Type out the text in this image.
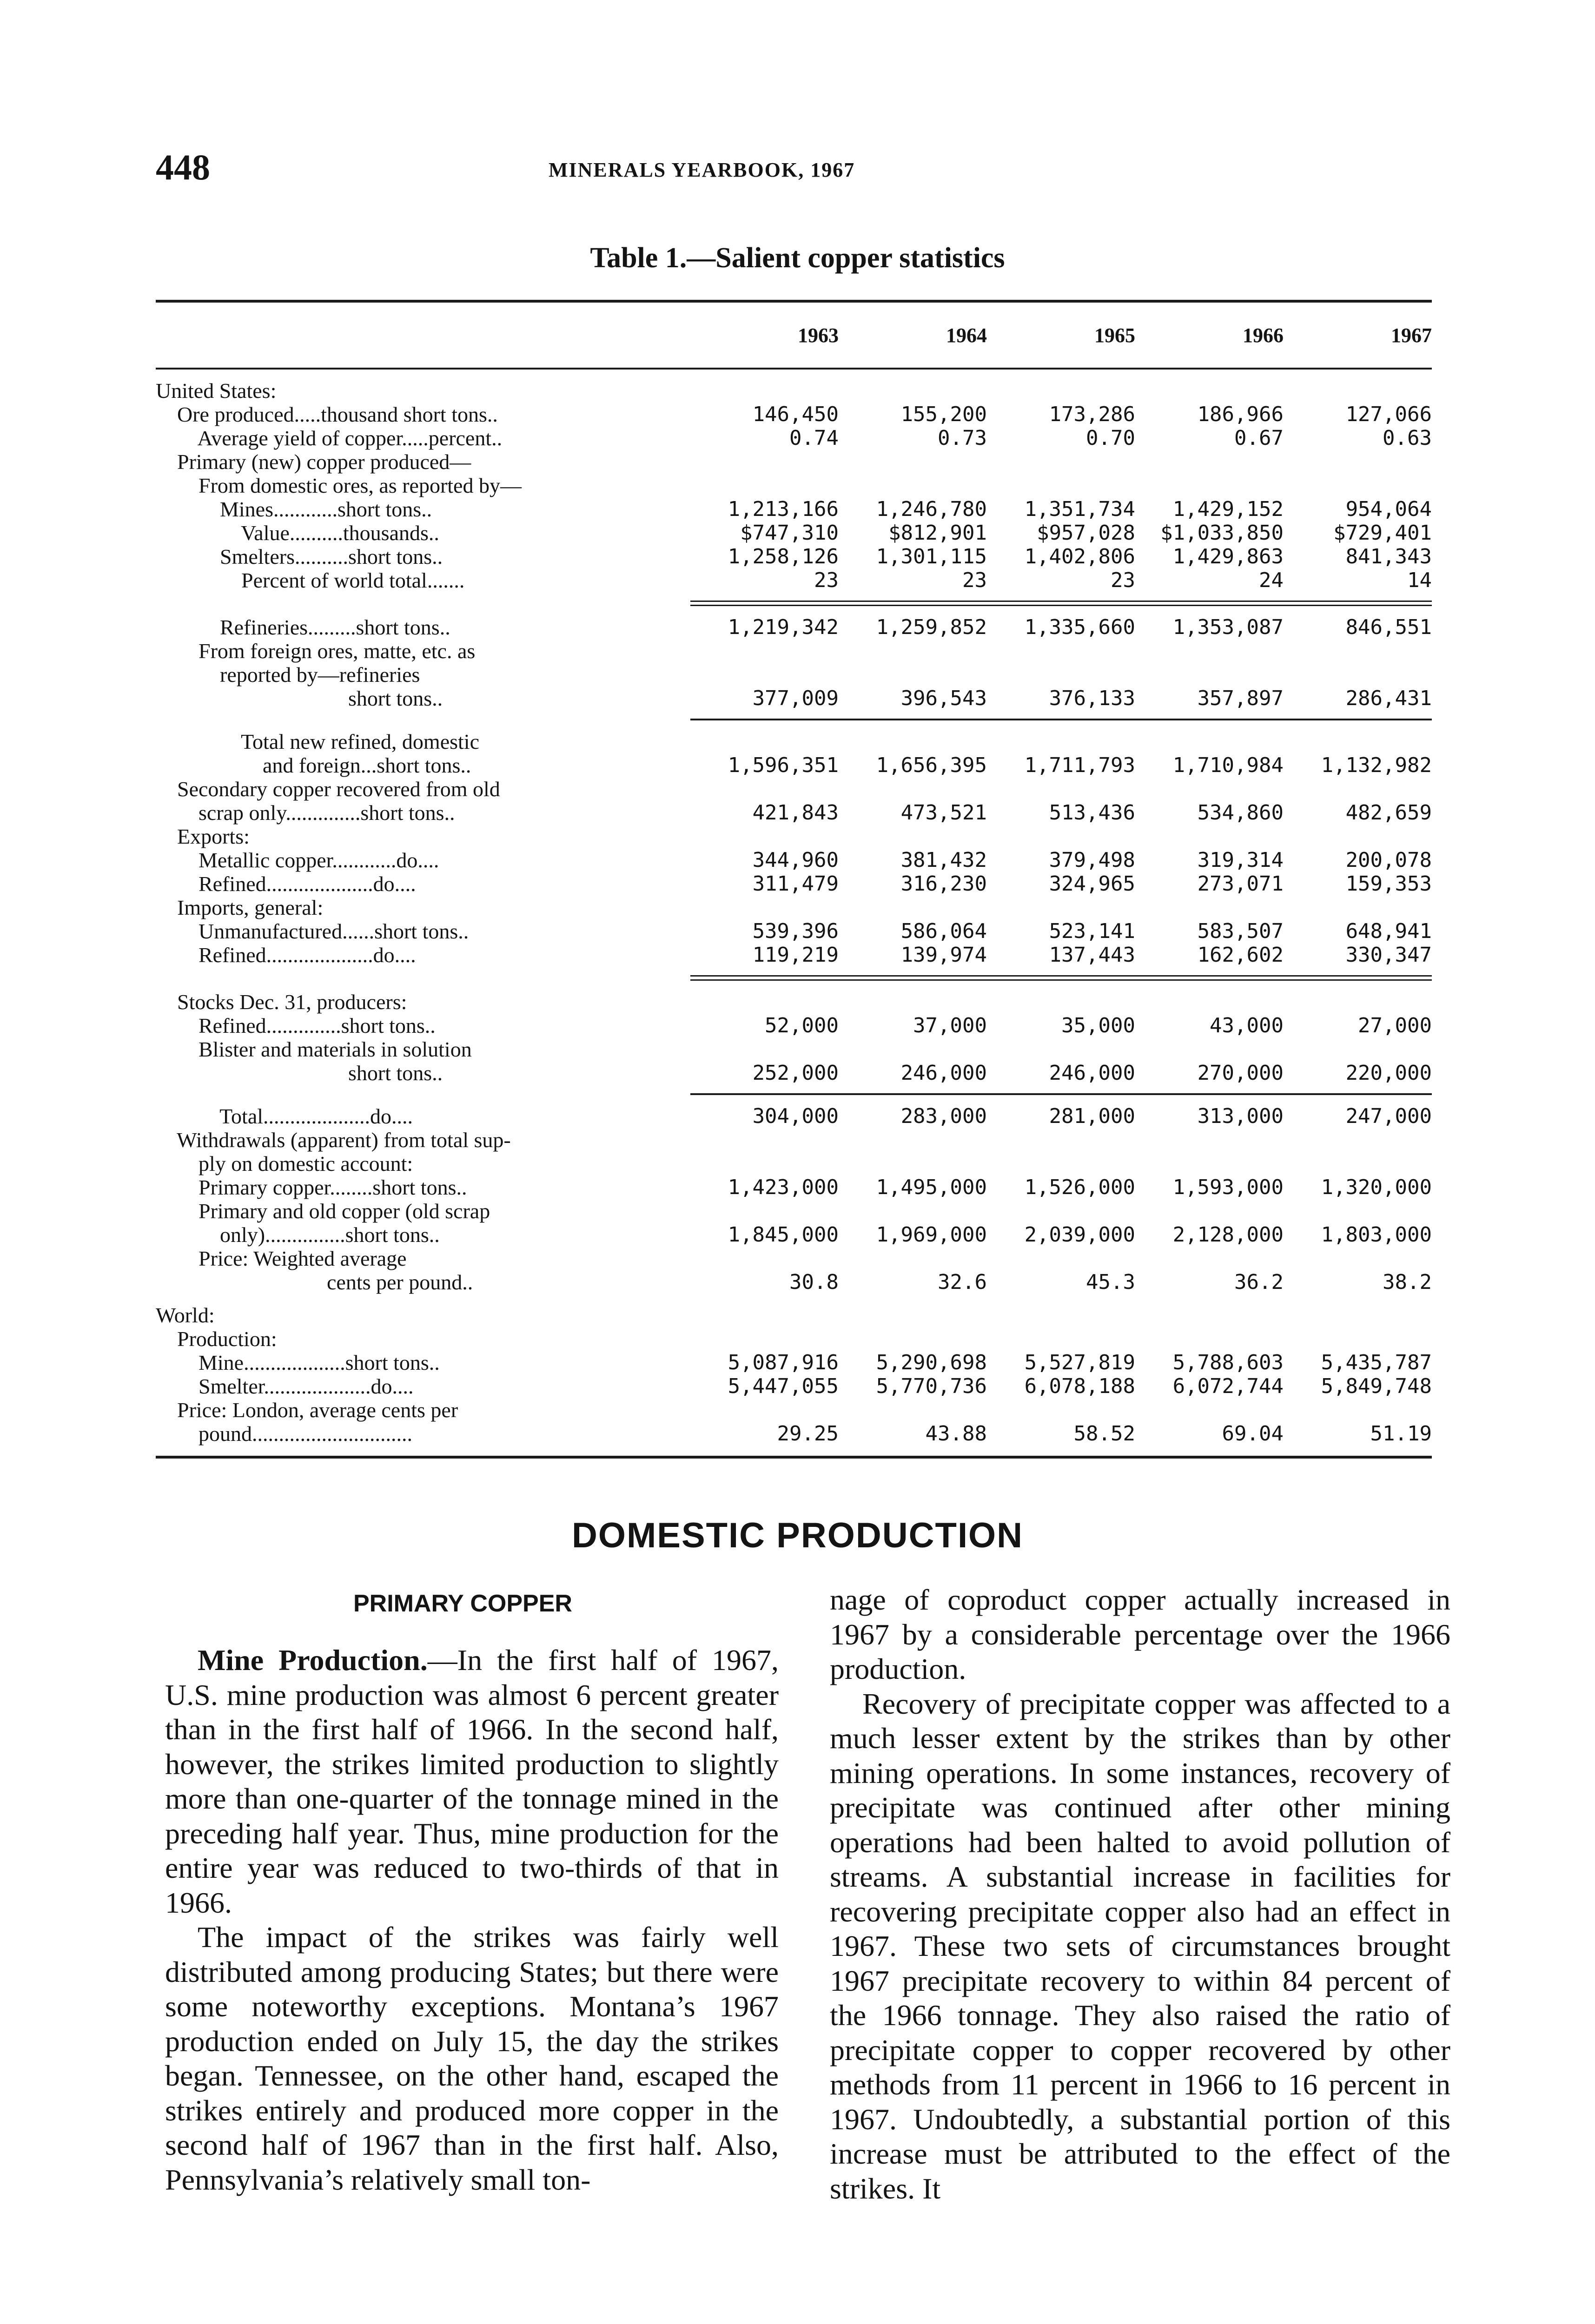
448	MINERALS YEARBOOK, 1967
Table 1.—Salient copper statistics
1963	1964	1965	1966	1967
United States:
Ore produced.....thousand short tons..	146,450	155,200	173,286	186,966	127,066
Average yield of copper.....percent..	0.74	0.73	0.70	0.67	0.63
Primary (new) copper produced—
From domestic ores, as reported by—
Mines............short tons..	1,213,166	1,246,780	1,351,734	1,429,152	954,064
Value..........thousands..	$747,310	$812,901	$957,028	$1,033,850	$729,401
Smelters..........short tons..	1,258,126	1,301,115	1,402,806	1,429,863	841,343
Percent of world total.......	23	23	23	24	14
Refineries.........short tons..	1,219,342	1,259,852	1,335,660	1,353,087	846,551
From foreign ores, matte, etc. as
reported by—refineries
short tons..	377,009	396,543	376,133	357,897	286,431
Total new refined, domestic
and foreign...short tons..	1,596,351	1,656,395	1,711,793	1,710,984	1,132,982
Secondary copper recovered from old
scrap only..............short tons..	421,843	473,521	513,436	534,860	482,659
Exports:
Metallic copper............do....	344,960	381,432	379,498	319,314	200,078
Refined....................do....	311,479	316,230	324,965	273,071	159,353
Imports, general:
Unmanufactured......short tons..	539,396	586,064	523,141	583,507	648,941
Refined....................do....	119,219	139,974	137,443	162,602	330,347
Stocks Dec. 31, producers:
Refined..............short tons..	52,000	37,000	35,000	43,000	27,000
Blister and materials in solution
short tons..	252,000	246,000	246,000	270,000	220,000
Total....................do....	304,000	283,000	281,000	313,000	247,000
Withdrawals (apparent) from total sup-
ply on domestic account:
Primary copper........short tons..	1,423,000	1,495,000	1,526,000	1,593,000	1,320,000
Primary and old copper (old scrap
only)...............short tons..	1,845,000	1,969,000	2,039,000	2,128,000	1,803,000
Price: Weighted average
cents per pound..	30.8	32.6	45.3	36.2	38.2
World:
Production:
Mine...................short tons..	5,087,916	5,290,698	5,527,819	5,788,603	5,435,787
Smelter....................do....	5,447,055	5,770,736	6,078,188	6,072,744	5,849,748
Price: London, average cents per
pound..............................	29.25	43.88	58.52	69.04	51.19
DOMESTIC PRODUCTION
PRIMARY COPPER

Mine Production.—In the first half of 1967, U.S. mine production was almost 6 percent greater than in the first half of 1966. In the second half, however, the strikes limited production to slightly more than one-quarter of the tonnage mined in the preceding half year. Thus, mine production for the entire year was reduced to two-thirds of that in 1966.

The impact of the strikes was fairly well distributed among producing States; but there were some noteworthy exceptions. Montana’s 1967 production ended on July 15, the day the strikes began. Tennessee, on the other hand, escaped the strikes entirely and produced more copper in the second half of 1967 than in the first half. Also, Pennsylvania’s relatively small ton-

nage of coproduct copper actually increased in 1967 by a considerable percentage over the 1966 production.

Recovery of precipitate copper was affected to a much lesser extent by the strikes than by other mining operations. In some instances, recovery of precipitate was continued after other mining operations had been halted to avoid pollution of streams. A substantial increase in facilities for recovering precipitate copper also had an effect in 1967. These two sets of circumstances brought 1967 precipitate recovery to within 84 percent of the 1966 tonnage. They also raised the ratio of precipitate copper to copper recovered by other methods from 11 percent in 1966 to 16 percent in 1967. Undoubtedly, a substantial portion of this increase must be attributed to the effect of the strikes. It
